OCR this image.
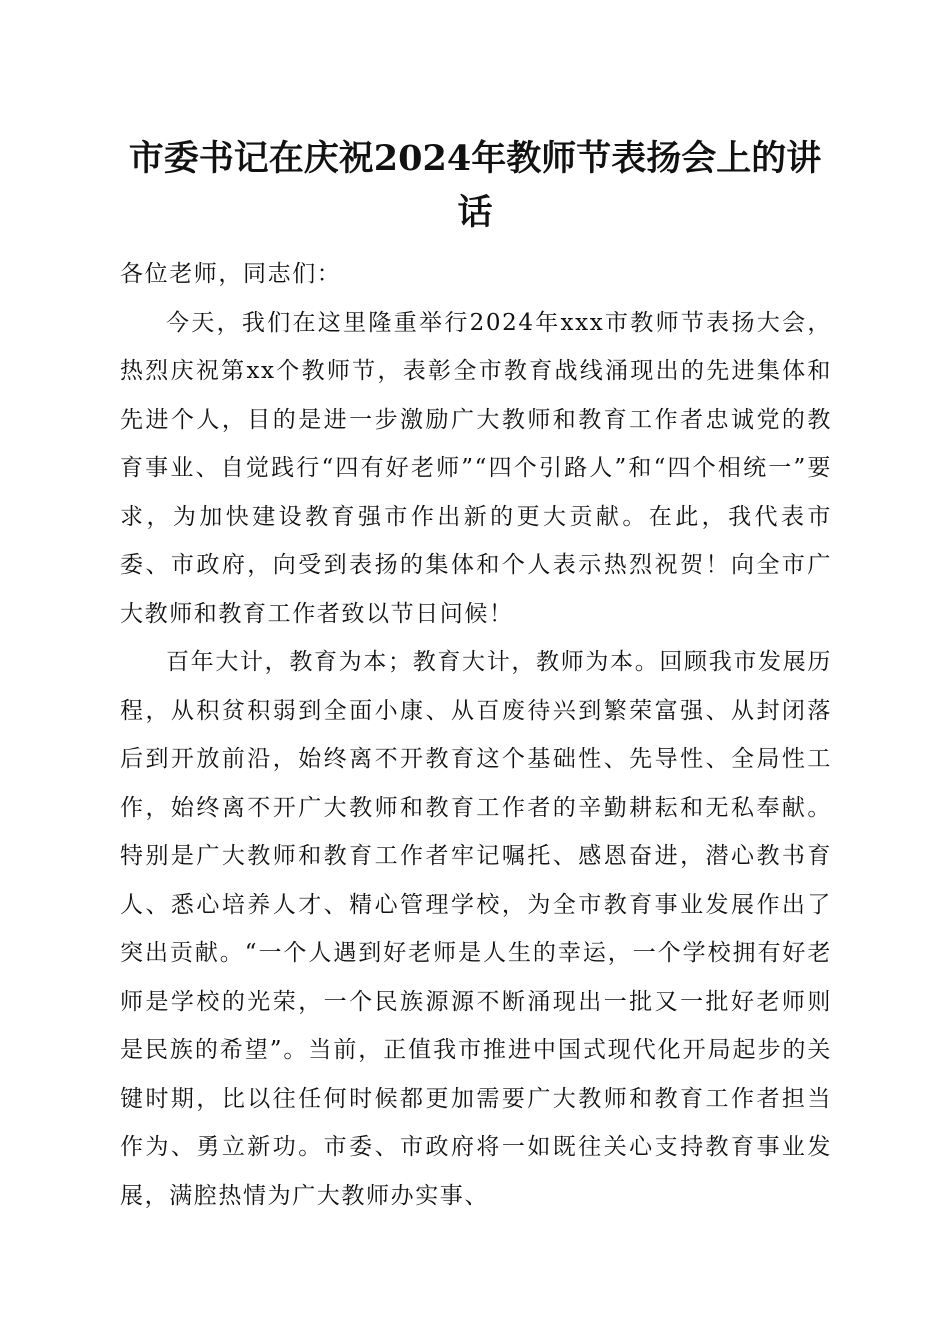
市委书记在庆祝2024年教师节表扬会上的讲话

各位老师，同志们：

今天，我们在这里隆重举行2024年xxx市教师节表扬大会，热烈庆祝第xx个教师节，表彰全市教育战线涌现出的先进集体和先进个人，目的是进一步激励广大教师和教育工作者忠诚党的教育事业、自觉践行“四有好老师”“四个引路人”和“四个相统一”要求，为加快建设教育强市作出新的更大贡献。在此，我代表市委、市政府，向受到表扬的集体和个人表示热烈祝贺！向全市广大教师和教育工作者致以节日问候！

百年大计，教育为本；教育大计，教师为本。回顾我市发展历程，从积贫积弱到全面小康、从百废待兴到繁荣富强、从封闭落后到开放前沿，始终离不开教育这个基础性、先导性、全局性工作，始终离不开广大教师和教育工作者的辛勤耕耘和无私奉献。特别是广大教师和教育工作者牢记嘱托、感恩奋进，潜心教书育人、悉心培养人才、精心管理学校，为全市教育事业发展作出了突出贡献。“一个人遇到好老师是人生的幸运，一个学校拥有好老师是学校的光荣，一个民族源源不断涌现出一批又一批好老师则是民族的希望”。当前，正值我市推进中国式现代化开局起步的关键时期，比以往任何时候都更加需要广大教师和教育工作者担当作为、勇立新功。市委、市政府将一如既往关心支持教育事业发展，满腔热情为广大教师办实事、
